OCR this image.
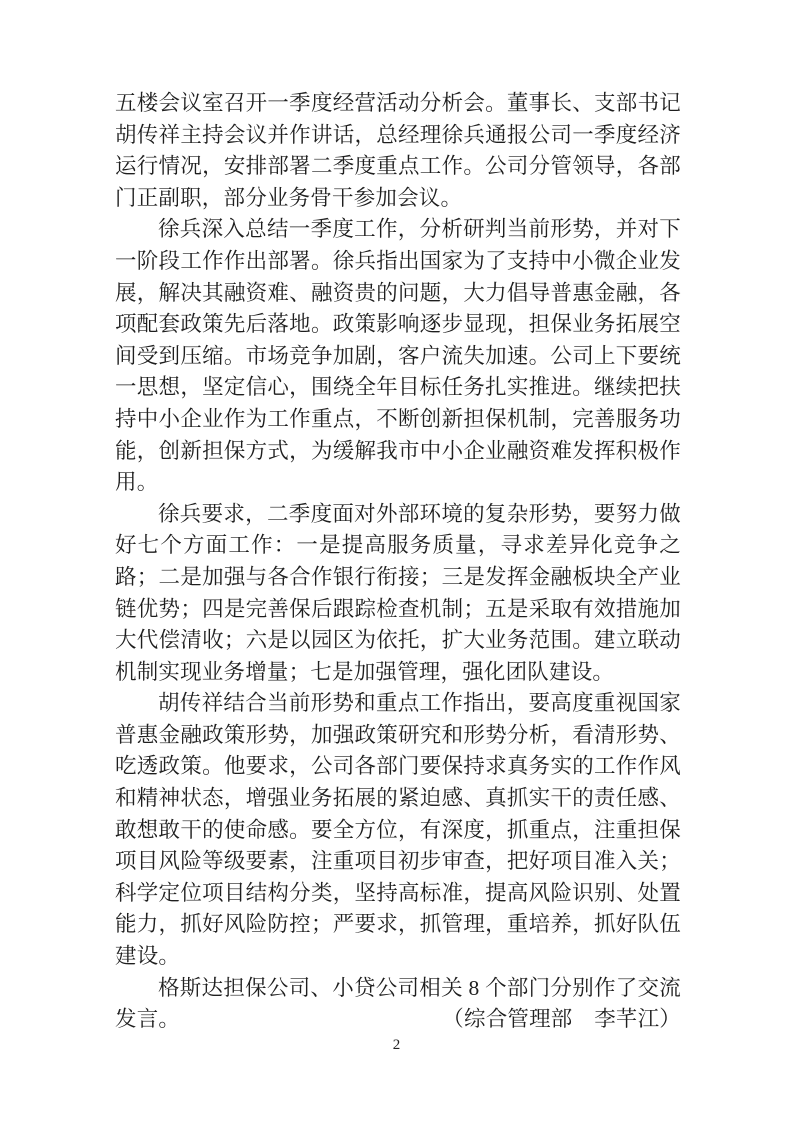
五楼会议室召开一季度经营活动分析会。董事长、支部书记胡传祥主持会议并作讲话，总经理徐兵通报公司一季度经济运行情况，安排部署二季度重点工作。公司分管领导，各部门正副职，部分业务骨干参加会议。

徐兵深入总结一季度工作，分析研判当前形势，并对下一阶段工作作出部署。徐兵指出国家为了支持中小微企业发展，解决其融资难、融资贵的问题，大力倡导普惠金融，各项配套政策先后落地。政策影响逐步显现，担保业务拓展空间受到压缩。市场竞争加剧，客户流失加速。公司上下要统一思想，坚定信心，围绕全年目标任务扎实推进。继续把扶持中小企业作为工作重点，不断创新担保机制，完善服务功能，创新担保方式，为缓解我市中小企业融资难发挥积极作用。

徐兵要求，二季度面对外部环境的复杂形势，要努力做好七个方面工作：一是提高服务质量，寻求差异化竞争之路；二是加强与各合作银行衔接；三是发挥金融板块全产业链优势；四是完善保后跟踪检查机制；五是采取有效措施加大代偿清收；六是以园区为依托，扩大业务范围。建立联动机制实现业务增量；七是加强管理，强化团队建设。

胡传祥结合当前形势和重点工作指出，要高度重视国家普惠金融政策形势，加强政策研究和形势分析，看清形势、吃透政策。他要求，公司各部门要保持求真务实的工作作风和精神状态，增强业务拓展的紧迫感、真抓实干的责任感、敢想敢干的使命感。要全方位，有深度，抓重点，注重担保项目风险等级要素，注重项目初步审查，把好项目准入关；科学定位项目结构分类，坚持高标准，提高风险识别、处置能力，抓好风险防控；严要求，抓管理，重培养，抓好队伍建设。

格斯达担保公司、小贷公司相关 8 个部门分别作了交流发言。	（综合管理部　李芊江）

2
